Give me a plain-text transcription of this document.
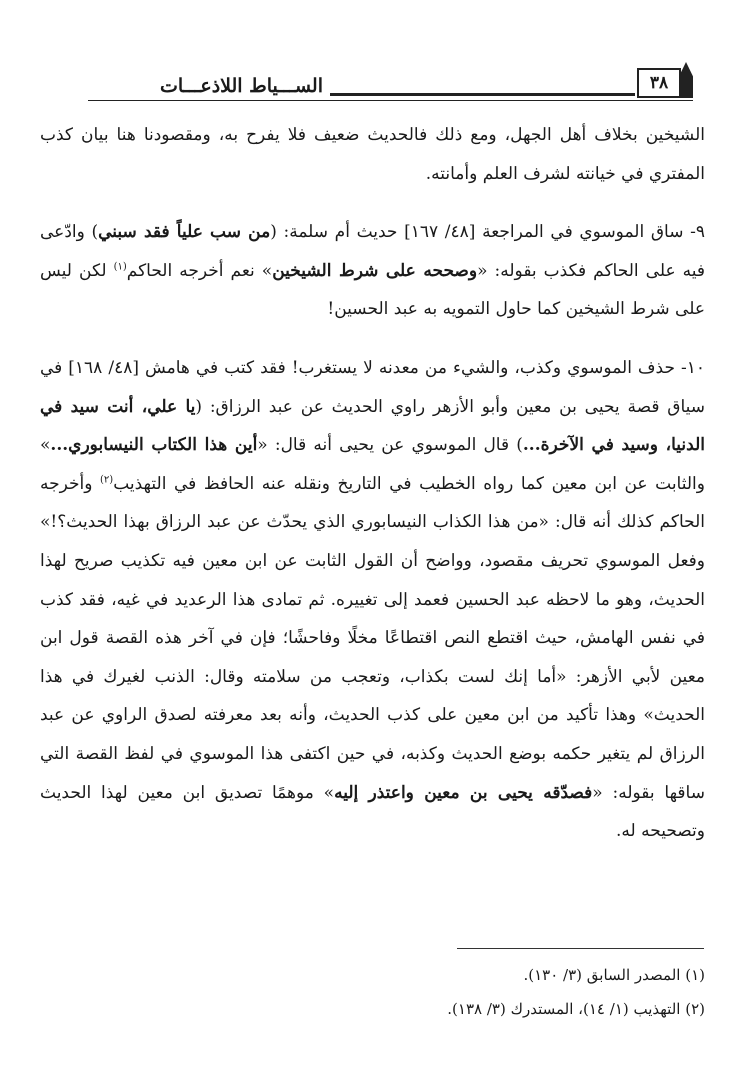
٣٨
الســـياط اللاذعـــات

الشيخين بخلاف أهل الجهل، ومع ذلك فالحديث ضعيف فلا يفرح به، ومقصودنا هنا بيان كذب المفتري في خيانته لشرف العلم وأمانته.

٩- ساق الموسوي في المراجعة [٤٨/ ١٦٧] حديث أم سلمة: (من سب علياً فقد سبني) وادّعى فيه على الحاكم فكذب بقوله: «وصححه على شرط الشيخين» نعم أخرجه الحاكم$^{(١)}$ لكن ليس على شرط الشيخين كما حاول التمويه به عبد الحسين!

١٠- حذف الموسوي وكذب، والشيء من معدنه لا يستغرب! فقد كتب في هامش [٤٨/ ١٦٨] في سياق قصة يحيى بن معين وأبو الأزهر راوي الحديث عن عبد الرزاق: (يا علي، أنت سيد في الدنيا، وسيد في الآخرة...) قال الموسوي عن يحيى أنه قال: «أين هذا الكتاب النيسابوري...» والثابت عن ابن معين كما رواه الخطيب في التاريخ ونقله عنه الحافظ في التهذيب$^{(٢)}$ وأخرجه الحاكم كذلك أنه قال: «من هذا الكذاب النيسابوري الذي يحدّث عن عبد الرزاق بهذا الحديث؟!» وفعل الموسوي تحريف مقصود، وواضح أن القول الثابت عن ابن معين فيه تكذيب صريح لهذا الحديث، وهو ما لاحظه عبد الحسين فعمد إلى تغييره. ثم تمادى هذا الرعديد في غيه، فقد كذب في نفس الهامش، حيث اقتطع النص اقتطاعًا مخلًا وفاحشًا؛ فإن في آخر هذه القصة قول ابن معين لأبي الأزهر: «أما إنك لست بكذاب، وتعجب من سلامته وقال: الذنب لغيرك في هذا الحديث» وهذا تأكيد من ابن معين على كذب الحديث، وأنه بعد معرفته لصدق الراوي عن عبد الرزاق لم يتغير حكمه بوضع الحديث وكذبه، في حين اكتفى هذا الموسوي في لفظ القصة التي ساقها بقوله: «فصدّقه يحيى بن معين واعتذر إليه» موهمًا تصديق ابن معين لهذا الحديث وتصحيحه له.

(١) المصدر السابق (٣/ ١٣٠).

(٢) التهذيب (١/ ١٤)، المستدرك (٣/ ١٣٨).
